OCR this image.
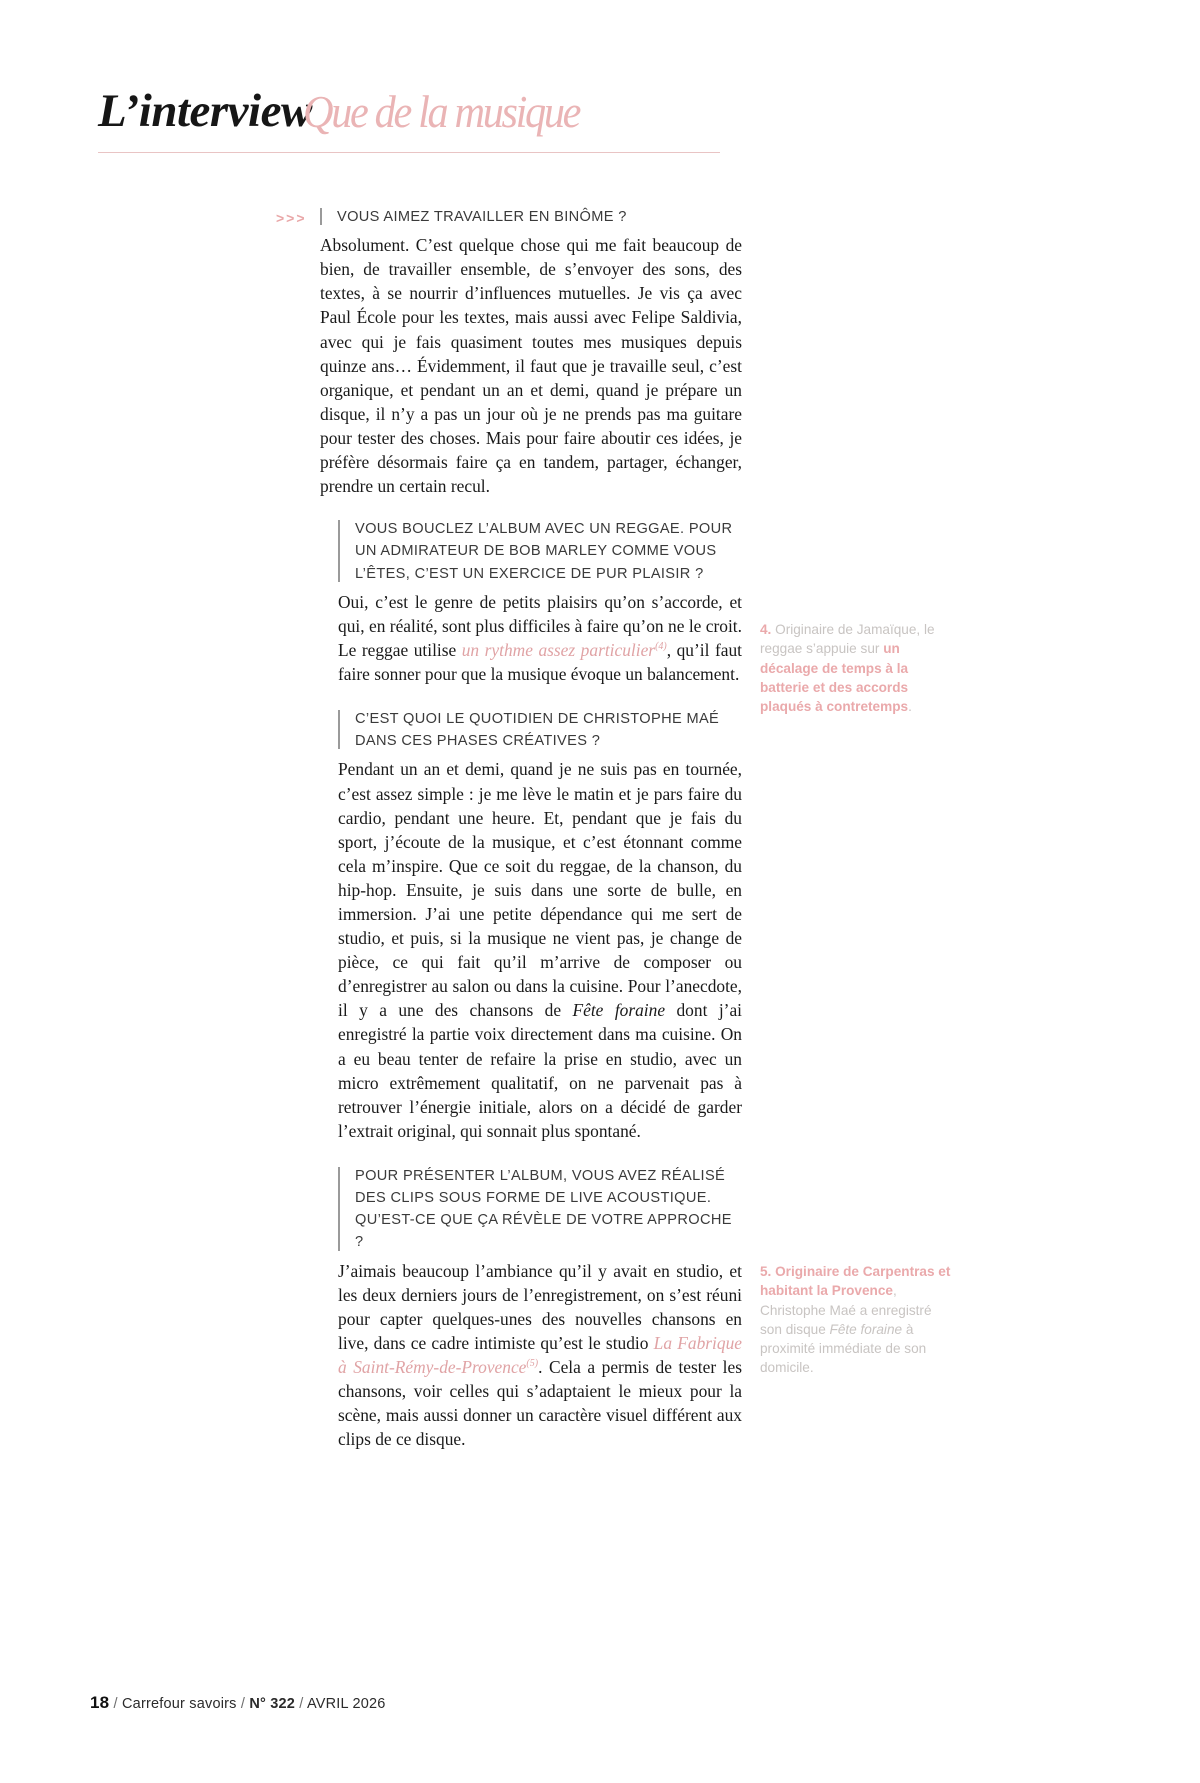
L’interview
Que de la musique
>>>	VOUS AIMEZ TRAVAILLER EN BINÔME ?
Absolument. C’est quelque chose qui me fait beaucoup de bien, de travailler ensemble, de s’envoyer des sons, des textes, à se nourrir d’influences mutuelles. Je vis ça avec Paul École pour les textes, mais aussi avec Felipe Saldivia, avec qui je fais quasiment toutes mes musiques depuis quinze ans… Évidemment, il faut que je travaille seul, c’est organique, et pendant un an et demi, quand je prépare un disque, il n’y a pas un jour où je ne prends pas ma guitare pour tester des choses. Mais pour faire aboutir ces idées, je préfère désormais faire ça en tandem, partager, échanger, prendre un certain recul.
VOUS BOUCLEZ L’ALBUM AVEC UN REGGAE. POUR UN ADMIRATEUR DE BOB MARLEY COMME VOUS L’ÊTES, C’EST UN EXERCICE DE PUR PLAISIR ?
Oui, c’est le genre de petits plaisirs qu’on s’accorde, et qui, en réalité, sont plus difficiles à faire qu’on ne le croit. Le reggae utilise un rythme assez particulier$^{(4)}$, qu’il faut faire sonner pour que la musique évoque un balancement.
C’EST QUOI LE QUOTIDIEN DE CHRISTOPHE MAÉ DANS CES PHASES CRÉATIVES ?
Pendant un an et demi, quand je ne suis pas en tournée, c’est assez simple : je me lève le matin et je pars faire du cardio, pendant une heure. Et, pendant que je fais du sport, j’écoute de la musique, et c’est étonnant comme cela m’inspire. Que ce soit du reggae, de la chanson, du hip-hop. Ensuite, je suis dans une sorte de bulle, en immersion. J’ai une petite dépendance qui me sert de studio, et puis, si la musique ne vient pas, je change de pièce, ce qui fait qu’il m’arrive de composer ou d’enregistrer au salon ou dans la cuisine. Pour l’anecdote, il y a une des chansons de Fête foraine dont j’ai enregistré la partie voix directement dans ma cuisine. On a eu beau tenter de refaire la prise en studio, avec un micro extrêmement qualitatif, on ne parvenait pas à retrouver l’énergie initiale, alors on a décidé de garder l’extrait original, qui sonnait plus spontané.
POUR PRÉSENTER L’ALBUM, VOUS AVEZ RÉALISÉ DES CLIPS SOUS FORME DE LIVE ACOUSTIQUE. QU’EST-CE QUE ÇA RÉVÈLE DE VOTRE APPROCHE ?
J’aimais beaucoup l’ambiance qu’il y avait en studio, et les deux derniers jours de l’enregistrement, on s’est réuni pour capter quelques-unes des nouvelles chansons en live, dans ce cadre intimiste qu’est le studio La Fabrique à Saint-Rémy-de-Provence$^{(5)}$. Cela a permis de tester les chansons, voir celles qui s’adaptaient le mieux pour la scène, mais aussi donner un caractère visuel différent aux clips de ce disque.
4. Originaire de Jamaïque, le reggae s’appuie sur un décalage de temps à la batterie et des accords plaqués à contretemps.
5. Originaire de Carpentras et habitant la Provence, Christophe Maé a enregistré son disque Fête foraine à proximité immédiate de son domicile.
18 / Carrefour savoirs / N° 322 / AVRIL 2026
